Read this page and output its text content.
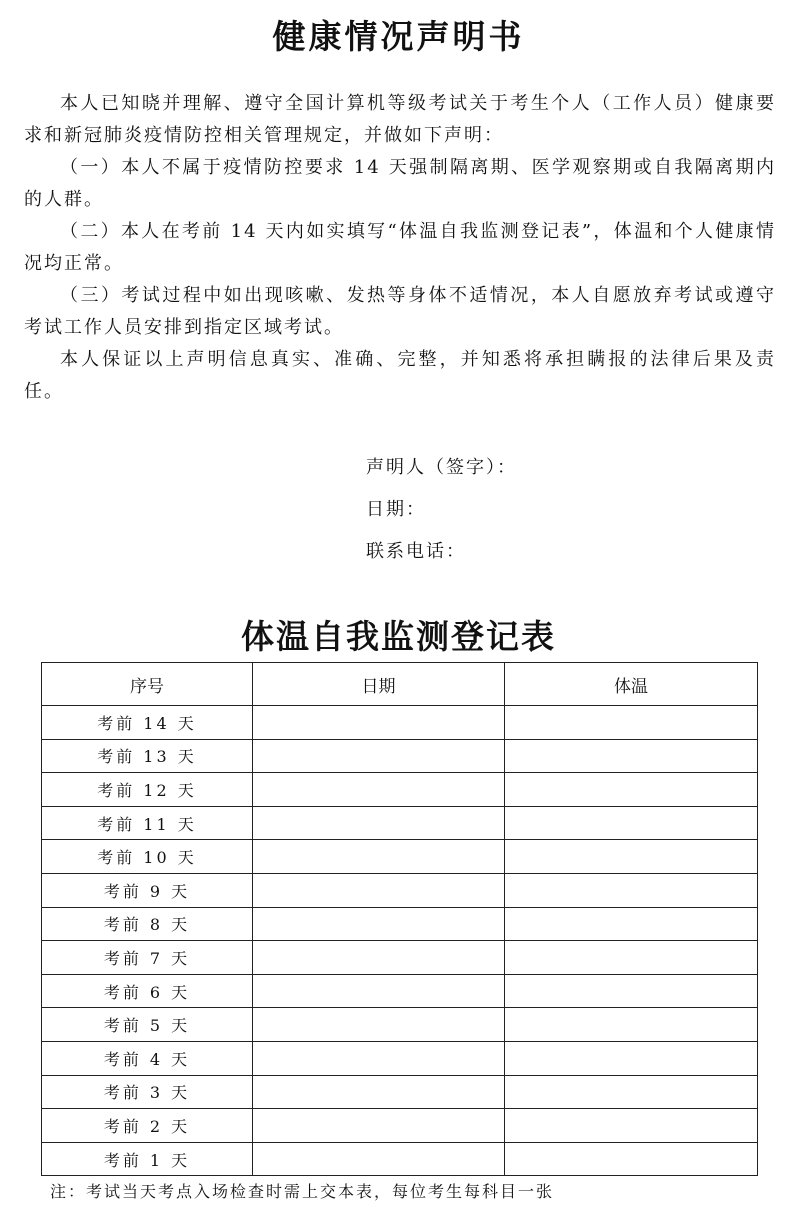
健康情况声明书

本人已知晓并理解、遵守全国计算机等级考试关于考生个人（工作人员）健康要求和新冠肺炎疫情防控相关管理规定，并做如下声明：

（一）本人不属于疫情防控要求 14 天强制隔离期、医学观察期或自我隔离期内的人群。

（二）本人在考前 14 天内如实填写“体温自我监测登记表”，体温和个人健康情况均正常。

（三）考试过程中如出现咳嗽、发热等身体不适情况，本人自愿放弃考试或遵守考试工作人员安排到指定区域考试。

本人保证以上声明信息真实、准确、完整，并知悉将承担瞒报的法律后果及责任。

声明人（签字）：
日期：
联系电话：
体温自我监测登记表
序号	日期	体温
考前 14 天		
考前 13 天		
考前 12 天		
考前 11 天		
考前 10 天		
考前 9 天		
考前 8 天		
考前 7 天		
考前 6 天		
考前 5 天		
考前 4 天		
考前 3 天		
考前 2 天		
考前 1 天		
注：考试当天考点入场检查时需上交本表，每位考生每科目一张
